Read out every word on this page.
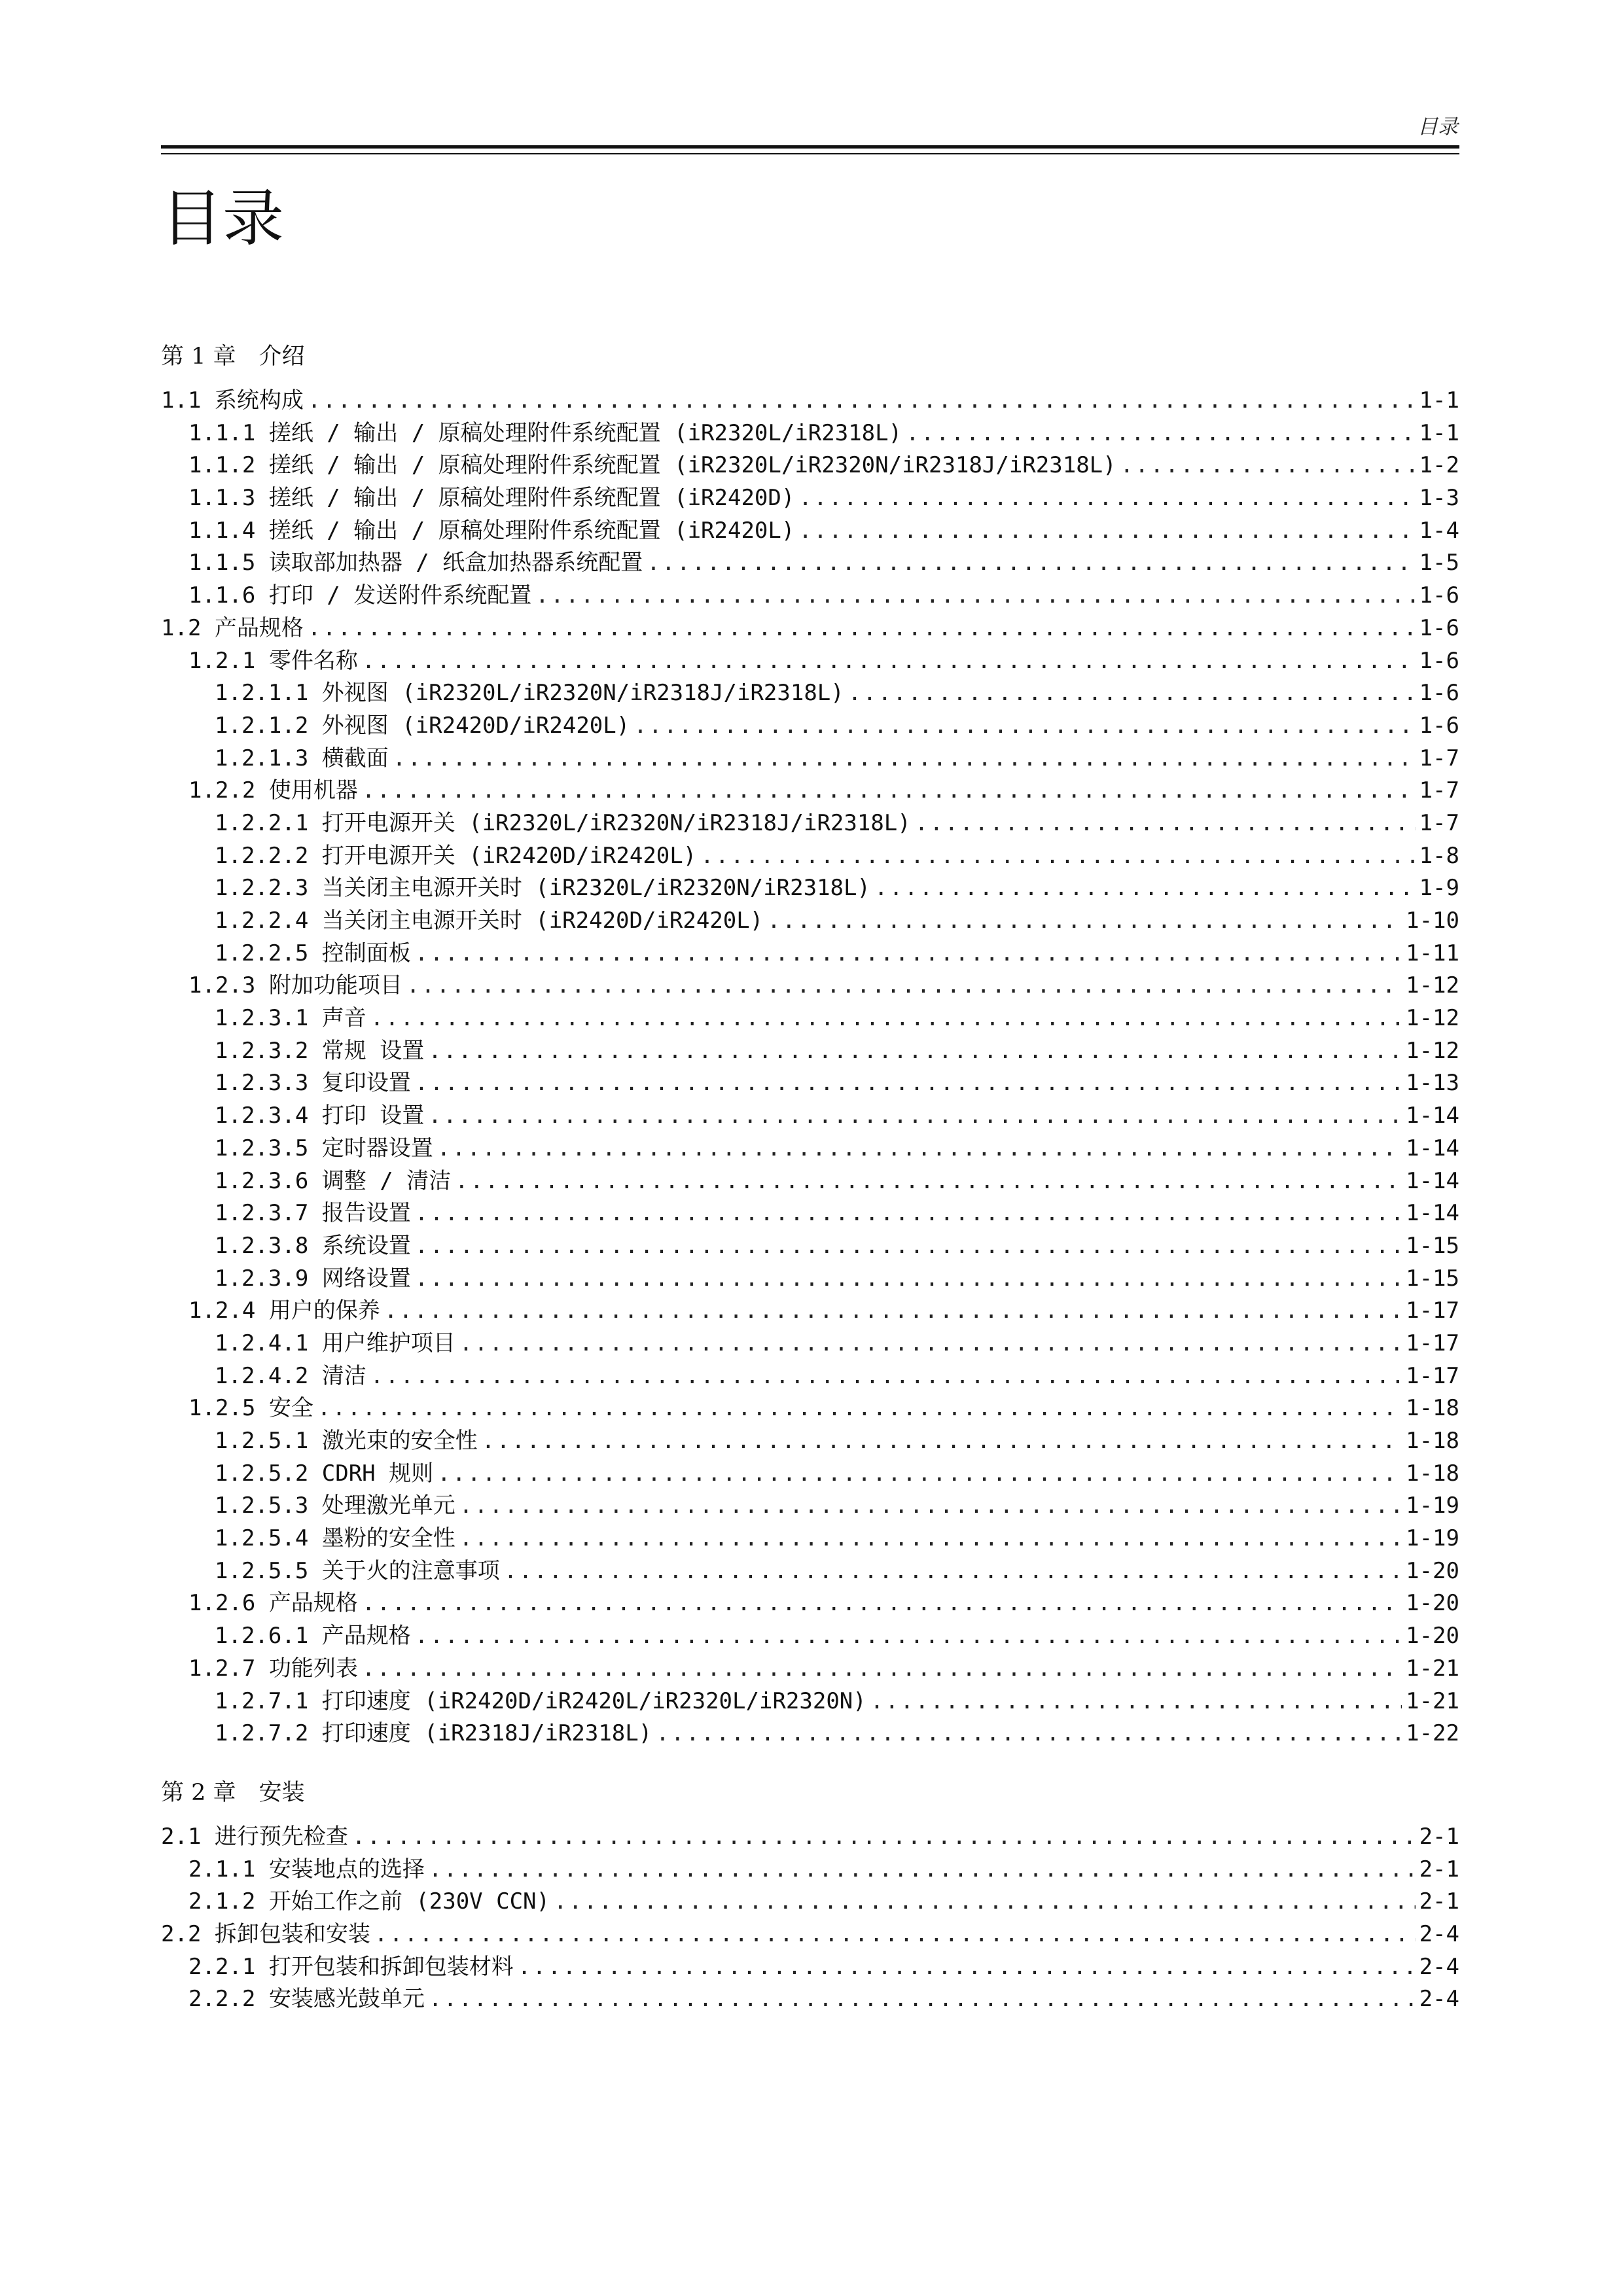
目录
目录
第 1 章　介绍
1.1 系统构成 . . .	1-1
1.1.1 搓纸 / 输出 / 原稿处理附件系统配置 (iR2320L/iR2318L) . . .	1-1
1.1.2 搓纸 / 输出 / 原稿处理附件系统配置 (iR2320L/iR2320N/iR2318J/iR2318L) . . .	1-2
1.1.3 搓纸 / 输出 / 原稿处理附件系统配置 (iR2420D) . . .	1-3
1.1.4 搓纸 / 输出 / 原稿处理附件系统配置 (iR2420L) . . .	1-4
1.1.5 读取部加热器 / 纸盒加热器系统配置 . . .	1-5
1.1.6 打印 / 发送附件系统配置 . . .	1-6
1.2 产品规格 . . .	1-6
1.2.1 零件名称 . . .	1-6
1.2.1.1 外视图 (iR2320L/iR2320N/iR2318J/iR2318L) . . .	1-6
1.2.1.2 外视图 (iR2420D/iR2420L) . . .	1-6
1.2.1.3 横截面 . . .	1-7
1.2.2 使用机器 . . .	1-7
1.2.2.1 打开电源开关 (iR2320L/iR2320N/iR2318J/iR2318L) . . .	1-7
1.2.2.2 打开电源开关 (iR2420D/iR2420L) . . .	1-8
1.2.2.3 当关闭主电源开关时 (iR2320L/iR2320N/iR2318L) . . .	1-9
1.2.2.4 当关闭主电源开关时 (iR2420D/iR2420L) . . .	1-10
1.2.2.5 控制面板 . . .	1-11
1.2.3 附加功能项目 . . .	1-12
1.2.3.1 声音 . . .	1-12
1.2.3.2 常规 设置 . . .	1-12
1.2.3.3 复印设置 . . .	1-13
1.2.3.4 打印 设置 . . .	1-14
1.2.3.5 定时器设置 . . .	1-14
1.2.3.6 调整 / 清洁 . . .	1-14
1.2.3.7 报告设置 . . .	1-14
1.2.3.8 系统设置 . . .	1-15
1.2.3.9 网络设置 . . .	1-15
1.2.4 用户的保养 . . .	1-17
1.2.4.1 用户维护项目 . . .	1-17
1.2.4.2 清洁 . . .	1-17
1.2.5 安全 . . .	1-18
1.2.5.1 激光束的安全性 . . .	1-18
1.2.5.2 CDRH 规则 . . .	1-18
1.2.5.3 处理激光单元 . . .	1-19
1.2.5.4 墨粉的安全性 . . .	1-19
1.2.5.5 关于火的注意事项 . . .	1-20
1.2.6 产品规格 . . .	1-20
1.2.6.1 产品规格 . . .	1-20
1.2.7 功能列表 . . .	1-21
1.2.7.1 打印速度 (iR2420D/iR2420L/iR2320L/iR2320N) . . .	1-21
1.2.7.2 打印速度 (iR2318J/iR2318L) . . .	1-22
第 2 章　安装
2.1 进行预先检查 . . .	2-1
2.1.1 安装地点的选择 . . .	2-1
2.1.2 开始工作之前 (230V CCN) . . .	2-1
2.2 拆卸包装和安装 . . .	2-4
2.2.1 打开包装和拆卸包装材料 . . .	2-4
2.2.2 安装感光鼓单元 . . .	2-4
